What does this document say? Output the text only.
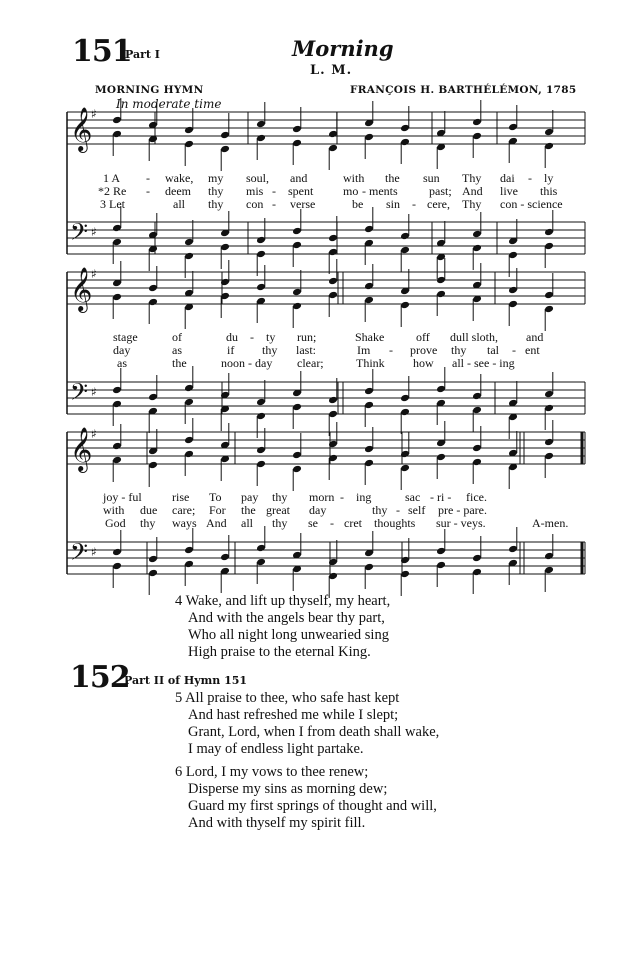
151
Part I	Morning
L. M.
MORNING HYMN	FRANÇOIS H. BARTHÉLÉMON, 1785
In moderate time
𝄞
♯
𝄢 ♯
𝄞
♯
𝄢 ♯
𝄞
♯
𝄢 ♯
1 A - wake, my soul, and	with the sun Thy dai - ly
*2 Re - deem thy mis - spent mo - ments	past; And live this
3 Let	all thy con - verse	be sin - cere, Thy con - science
stage	of	du - ty run;	Shake	off dull sloth, and
day	as	if thy last:	Im - prove thy tal - ent
as	the	noon - day clear;	Think how all - see - ing
joy - ful	rise To pay thy morn - ing	sac - ri - fice.
with due care; For the great day	thy - self pre - pare.
God thy ways And all thy se - cret thoughts sur - veys.	A-men.
4 Wake, and lift up thyself, my heart,
And with the angels bear thy part,
Who all night long unwearied sing
High praise to the eternal King.
152
Part II of Hymn 151
5 All praise to thee, who safe hast kept
And hast refreshed me while I slept;
Grant, Lord, when I from death shall wake,
I may of endless light partake.
6 Lord, I my vows to thee renew;
Disperse my sins as morning dew;
Guard my first springs of thought and will,
And with thyself my spirit fill.
